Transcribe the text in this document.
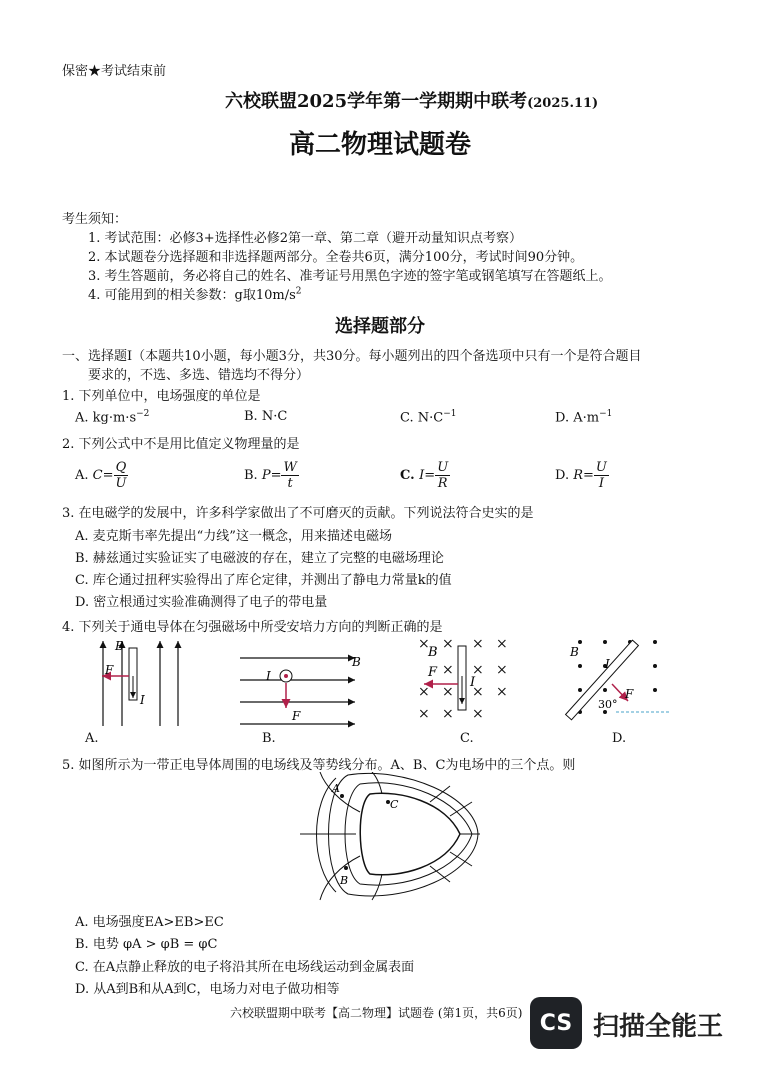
保密★考试结束前
六校联盟2025学年第一学期期中联考(2025.11)
高二物理试题卷
考生须知：
1. 考试范围：必修3+选择性必修2第一章、第二章（避开动量知识点考察）
2. 本试题卷分选择题和非选择题两部分。全卷共6页，满分100分，考试时间90分钟。
3. 考生答题前，务必将自己的姓名、准考证号用黑色字迹的签字笔或钢笔填写在答题纸上。
4. 可能用到的相关参数：g取$10m/s^2$
选择题部分
一、选择题Ⅰ（本题共10小题，每小题3分，共30分。每小题列出的四个备选项中只有一个是符合题目
要求的，不选、多选、错选均不得分）
1. 下列单位中，电场强度的单位是
A. $kg\cdot m\cdot s^{-2}$	B. N·C	C. $N\cdot C^{-1}$	D. $A\cdot m^{-1}$
2. 下列公式中不是用比值定义物理量的是
A. $C= \frac{Q}{U}$	B. $P= \frac{W}{t}$	C. $I= \frac{U}{R}$	D. $R= \frac{U}{I}$
3. 在电磁学的发展中，许多科学家做出了不可磨灭的贡献。下列说法符合史实的是
A. 麦克斯韦率先提出“力线”这一概念，用来描述电磁场
B. 赫兹通过实验证实了电磁波的存在，建立了完整的电磁场理论
C. 库仑通过扭秤实验得出了库仑定律，并测出了静电力常量k的值
D. 密立根通过实验准确测得了电子的带电量
4. 下列关于通电导体在匀强磁场中所受安培力方向的判断正确的是
B
F
I
B
I
F
× × × ×
× × ×
× × × ×
× × ×
B
F
I
B
I
F
30°
A.	B.	C.	D.
5. 如图所示为一带正电导体周围的电场线及等势线分布。A、B、C为电场中的三个点。则
A
C
B
A. 电场强度EA>EB>EC
B. 电势 φA > φB = φC
C. 在A点静止释放的电子将沿其所在电场线运动到金属表面
D. 从A到B和从A到C，电场力对电子做功相等
六校联盟期中联考【高二物理】试题卷 (第1页，共6页) CS 扫描全能王
